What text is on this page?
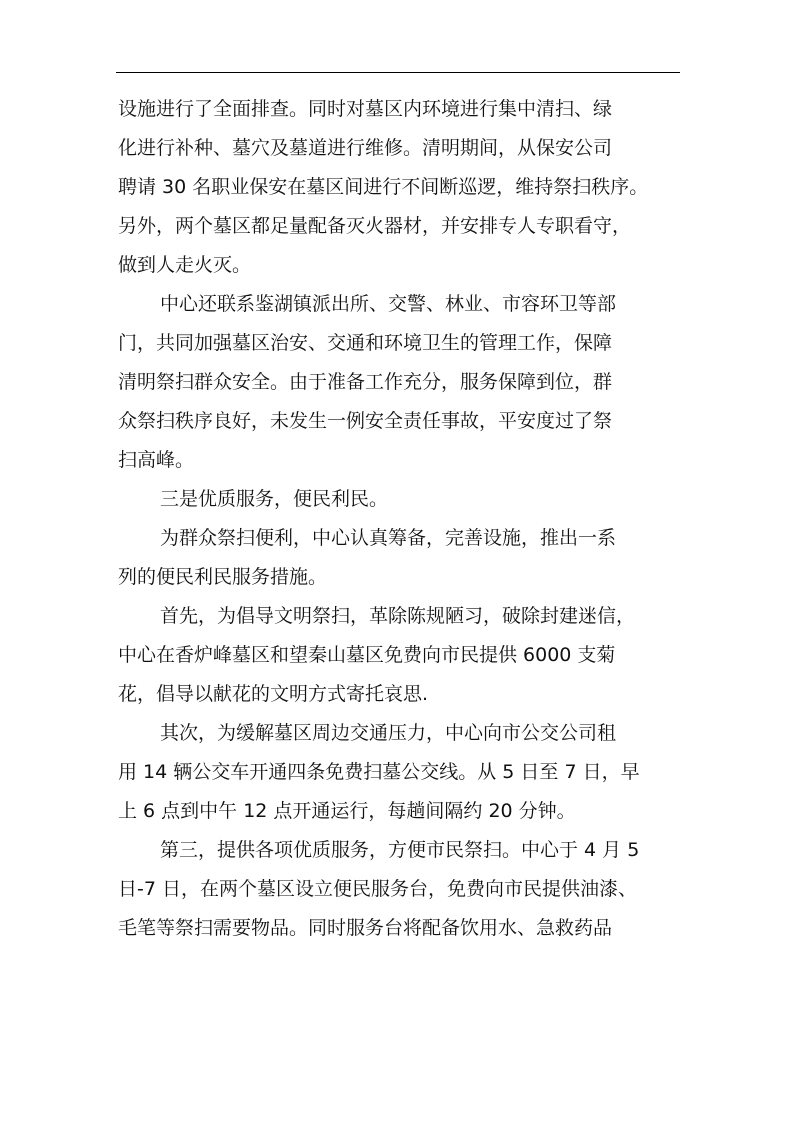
设施进行了全面排查。同时对墓区内环境进行集中清扫、绿
化进行补种、墓穴及墓道进行维修。清明期间，从保安公司
聘请 30 名职业保安在墓区间进行不间断巡逻，维持祭扫秩序。
另外，两个墓区都足量配备灭火器材，并安排专人专职看守，
做到人走火灭。
中心还联系鉴湖镇派出所、交警、林业、市容环卫等部
门，共同加强墓区治安、交通和环境卫生的管理工作，保障
清明祭扫群众安全。由于准备工作充分，服务保障到位，群
众祭扫秩序良好，未发生一例安全责任事故，平安度过了祭
扫高峰。
三是优质服务，便民利民。
为群众祭扫便利，中心认真筹备，完善设施，推出一系
列的便民利民服务措施。
首先，为倡导文明祭扫，革除陈规陋习，破除封建迷信，
中心在香炉峰墓区和望秦山墓区免费向市民提供 6000 支菊
花，倡导以献花的文明方式寄托哀思.
其次，为缓解墓区周边交通压力，中心向市公交公司租
用 14 辆公交车开通四条免费扫墓公交线。从 5 日至 7 日，早
上 6 点到中午 12 点开通运行，每趟间隔约 20 分钟。
第三，提供各项优质服务，方便市民祭扫。中心于 4 月 5
日-7 日，在两个墓区设立便民服务台，免费向市民提供油漆、
毛笔等祭扫需要物品。同时服务台将配备饮用水、急救药品
